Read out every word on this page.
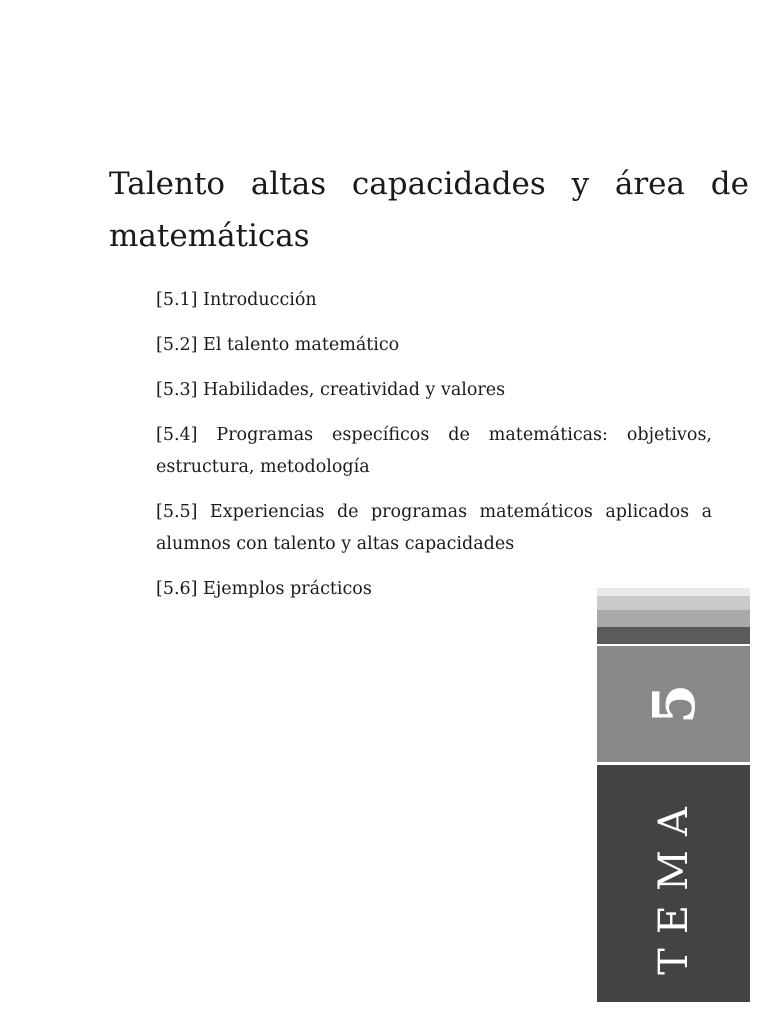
Talento altas capacidades y área de matemáticas
[5.1] Introducción
[5.2] El talento matemático
[5.3] Habilidades, creatividad y valores
[5.4] Programas específicos de matemáticas: objetivos, estructura, metodología
[5.5] Experiencias de programas matemáticos aplicados a alumnos con talento y altas capacidades
[5.6] Ejemplos prácticos
5
TEMA
